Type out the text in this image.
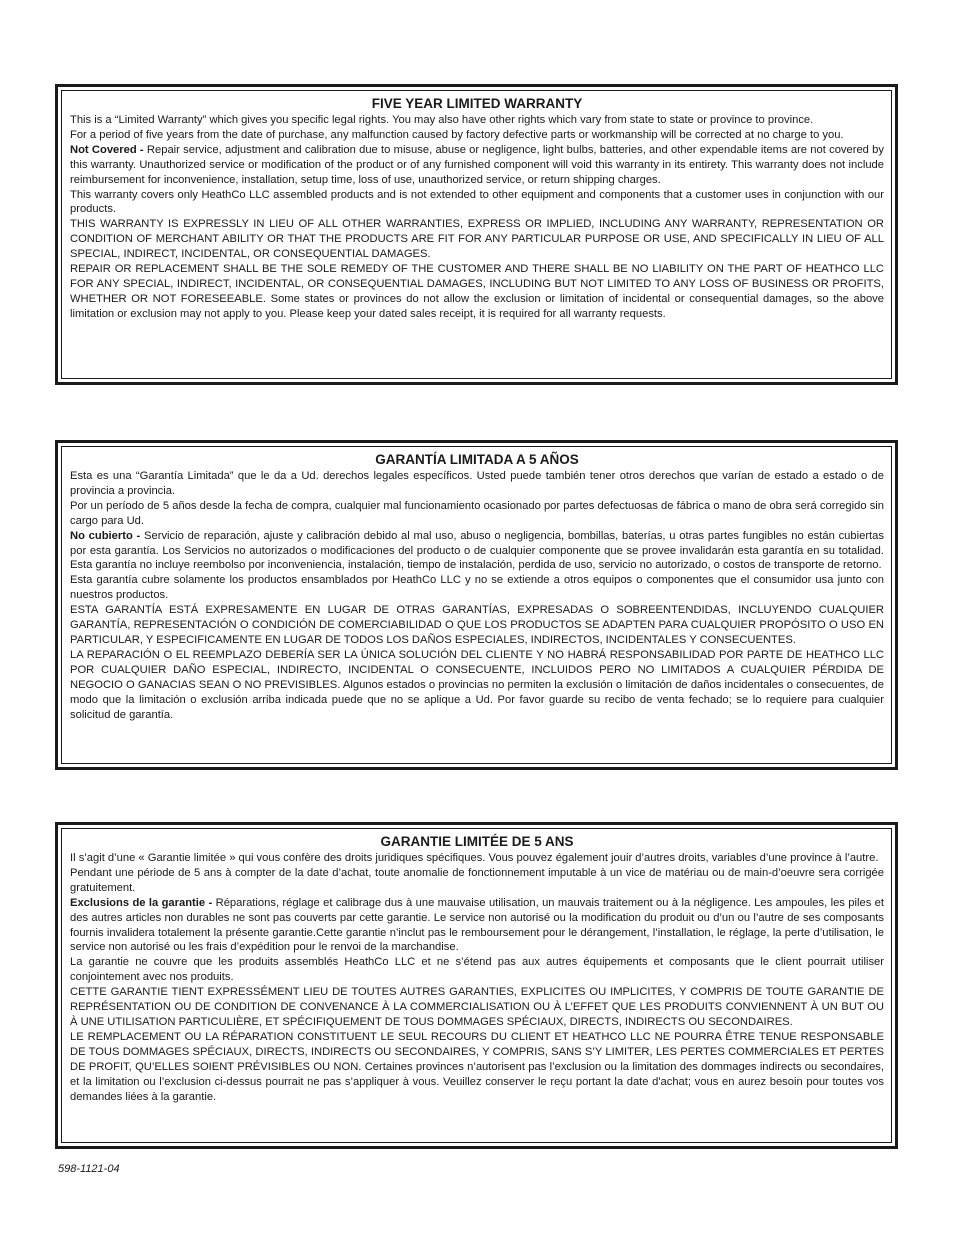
FIVE YEAR LIMITED WARRANTY

This is a “Limited Warranty” which gives you specific legal rights. You may also have other rights which vary from state to state or province to province.

For a period of five years from the date of purchase, any malfunction caused by factory defective parts or workmanship will be corrected at no charge to you.

Not Covered - Repair service, adjustment and calibration due to misuse, abuse or negligence, light bulbs, batteries, and other expendable items are not covered by this warranty. Unauthorized service or modification of the product or of any furnished component will void this warranty in its entirety. This warranty does not include reimbursement for inconvenience, installation, setup time, loss of use, unauthorized service, or return shipping charges.

This warranty covers only HeathCo LLC assembled products and is not extended to other equipment and components that a customer uses in conjunction with our products.

THIS WARRANTY IS EXPRESSLY IN LIEU OF ALL OTHER WARRANTIES, EXPRESS OR IMPLIED, INCLUDING ANY WARRANTY, REPRESENTATION OR CONDITION OF MERCHANT ABILITY OR THAT THE PRODUCTS ARE FIT FOR ANY PARTICULAR PURPOSE OR USE, AND SPECIFICALLY IN LIEU OF ALL SPECIAL, INDIRECT, INCIDENTAL, OR CONSEQUENTIAL DAMAGES.

REPAIR OR REPLACEMENT SHALL BE THE SOLE REMEDY OF THE CUSTOMER AND THERE SHALL BE NO LIABILITY ON THE PART OF HEATHCO LLC FOR ANY SPECIAL, INDIRECT, INCIDENTAL, OR CONSEQUENTIAL DAMAGES, INCLUDING BUT NOT LIMITED TO ANY LOSS OF BUSINESS OR PROFITS, WHETHER OR NOT FORESEEABLE. Some states or provinces do not allow the exclusion or limitation of incidental or consequential damages, so the above limitation or exclusion may not apply to you. Please keep your dated sales receipt, it is required for all warranty requests.

GARANTÍA LIMITADA A 5 AÑOS

Esta es una “Garantía Limitada” que le da a Ud. derechos legales específicos. Usted puede también tener otros derechos que varían de estado a estado o de provincia a provincia.

Por un período de 5 años desde la fecha de compra, cualquier mal funcionamiento ocasionado por partes defectuosas de fábrica o mano de obra será corregido sin cargo para Ud.

No cubierto - Servicio de reparación, ajuste y calibración debido al mal uso, abuso o negligencia, bombillas, baterías, u otras partes fungibles no están cubiertas por esta garantía. Los Servicios no autorizados o modificaciones del producto o de cualquier componente que se provee invalidarán esta garantía en su totalidad. Esta garantía no incluye reembolso por inconveniencia, instalación, tiempo de instalación, perdida de uso, servicio no autorizado, o costos de transporte de retorno.

Esta garantía cubre solamente los productos ensamblados por HeathCo LLC y no se extiende a otros equipos o componentes que el consumidor usa junto con nuestros productos.

ESTA GARANTÍA ESTÁ EXPRESAMENTE EN LUGAR DE OTRAS GARANTÍAS, EXPRESADAS O SOBREENTENDIDAS, INCLUYENDO CUALQUIER GARANTÍA, REPRESENTACIÓN O CONDICIÓN DE COMERCIABILIDAD O QUE LOS PRODUCTOS SE ADAPTEN PARA CUALQUIER PROPÓSITO O USO EN PARTICULAR, Y ESPECIFICAMENTE EN LUGAR DE TODOS LOS DAÑOS ESPECIALES, INDIRECTOS, INCIDENTALES Y CONSECUENTES.

LA REPARACIÓN O EL REEMPLAZO DEBERÍA SER LA ÚNICA SOLUCIÓN DEL CLIENTE Y NO HABRÁ RESPONSABILIDAD POR PARTE DE HEATHCO LLC POR CUALQUIER DAÑO ESPECIAL, INDIRECTO, INCIDENTAL O CONSECUENTE, INCLUIDOS PERO NO LIMITADOS A CUALQUIER PÉRDIDA DE NEGOCIO O GANACIAS SEAN O NO PREVISIBLES. Algunos estados o provincias no permiten la exclusión o limitación de daños incidentales o consecuentes, de modo que la limitación o exclusión arriba indicada puede que no se aplique a Ud. Por favor guarde su recibo de venta fechado; se lo requiere para cualquier solicitud de garantía.

GARANTIE LIMITÉE DE 5 ANS

Il s’agit d’une « Garantie limitée » qui vous confère des droits juridiques spécifiques. Vous pouvez également jouir d’autres droits, variables d’une province à l’autre.

Pendant une période de 5 ans à compter de la date d’achat, toute anomalie de fonctionnement imputable à un vice de matériau ou de main-d’oeuvre sera corrigée gratuitement.

Exclusions de la garantie - Réparations, réglage et calibrage dus à une mauvaise utilisation, un mauvais traitement ou à la négligence. Les ampoules, les piles et des autres articles non durables ne sont pas couverts par cette garantie. Le service non autorisé ou la modification du produit ou d’un ou l’autre de ses composants fournis invalidera totalement la présente garantie.Cette garantie n’inclut pas le remboursement pour le dérangement, l’installation, le réglage, la perte d’utilisation, le service non autorisé ou les frais d’expédition pour le renvoi de la marchandise.

La garantie ne couvre que les produits assemblés HeathCo LLC et ne s’étend pas aux autres équipements et composants que le client pourrait utiliser conjointement avec nos produits.

CETTE GARANTIE TIENT EXPRESSÉMENT LIEU DE TOUTES AUTRES GARANTIES, EXPLICITES OU IMPLICITES, Y COMPRIS DE TOUTE GARANTIE DE REPRÉSENTATION OU DE CONDITION DE CONVENANCE À LA COMMERCIALISATION OU À L’EFFET QUE LES PRODUITS CONVIENNENT À UN BUT OU À UNE UTILISATION PARTICULIÈRE, ET SPÉCIFIQUEMENT DE TOUS DOMMAGES SPÉCIAUX, DIRECTS, INDIRECTS OU SECONDAIRES.

LE REMPLACEMENT OU LA RÉPARATION CONSTITUENT LE SEUL RECOURS DU CLIENT ET HEATHCO LLC NE POURRA ÊTRE TENUE RESPONSABLE DE TOUS DOMMAGES SPÉCIAUX, DIRECTS, INDIRECTS OU SECONDAIRES, Y COMPRIS, SANS S’Y LIMITER, LES PERTES COMMERCIALES ET PERTES DE PROFIT, QU’ELLES SOIENT PRÉVISIBLES OU NON. Certaines provinces n’autorisent pas l’exclusion ou la limitation des dommages indirects ou secondaires, et la limitation ou l’exclusion ci-dessus pourrait ne pas s’appliquer à vous. Veuillez conserver le reçu portant la date d'achat; vous en aurez besoin pour toutes vos demandes liées à la garantie.

598-1121-04
